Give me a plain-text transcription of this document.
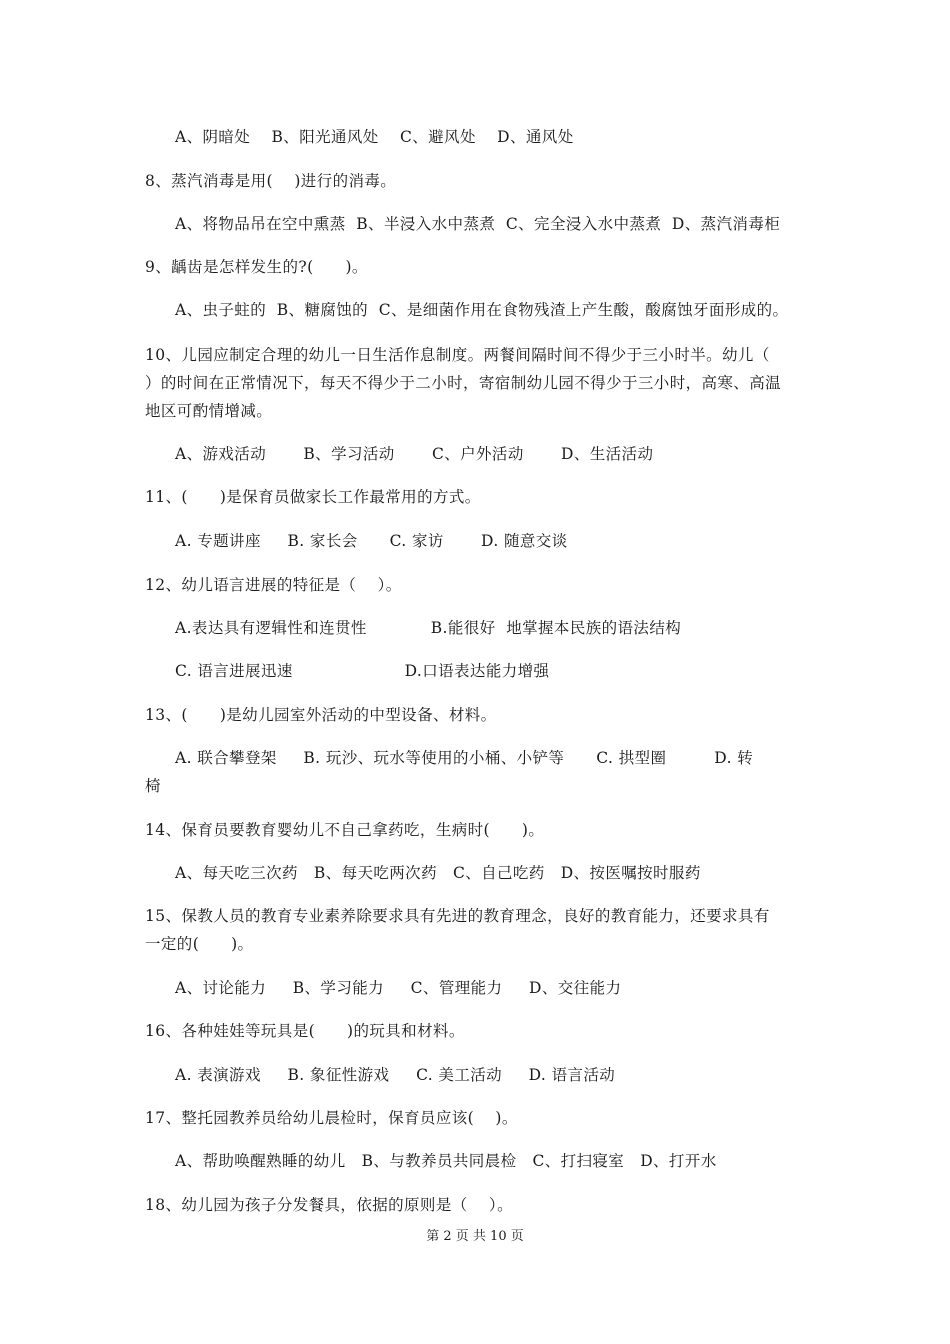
A、阴暗处    B、阳光通风处    C、避风处    D、通风处
8、蒸汽消毒是用(    )进行的消毒。
A、将物品吊在空中熏蒸  B、半浸入水中蒸煮  C、完全浸入水中蒸煮  D、蒸汽消毒柜
9、龋齿是怎样发生的?(      )。
A、虫子蛀的  B、糖腐蚀的  C、是细菌作用在食物残渣上产生酸，酸腐蚀牙面形成的。
10、儿园应制定合理的幼儿一日生活作息制度。两餐间隔时间不得少于三小时半。幼儿（
）的时间在正常情况下，每天不得少于二小时，寄宿制幼儿园不得少于三小时，高寒、高温
地区可酌情增减。
A、游戏活动       B、学习活动       C、户外活动       D、生活活动
11、(      )是保育员做家长工作最常用的方式。
A. 专题讲座     B. 家长会      C. 家访       D. 随意交谈
12、幼儿语言进展的特征是（    ）。
A.表达具有逻辑性和连贯性            B.能很好  地掌握本民族的语法结构
C. 语言进展迅速                     D.口语表达能力增强
13、(      )是幼儿园室外活动的中型设备、材料。
A. 联合攀登架     B. 玩沙、玩水等使用的小桶、小铲等      C. 拱型圈         D. 转
椅
14、保育员要教育婴幼儿不自己拿药吃，生病时(      )。
A、每天吃三次药   B、每天吃两次药   C、自己吃药   D、按医嘱按时服药
15、保教人员的教育专业素养除要求具有先进的教育理念，良好的教育能力，还要求具有
一定的(      )。
A、讨论能力     B、学习能力     C、管理能力     D、交往能力
16、各种娃娃等玩具是(      )的玩具和材料。
A. 表演游戏     B. 象征性游戏     C. 美工活动     D. 语言活动
17、整托园教养员给幼儿晨检时，保育员应该(    )。
A、帮助唤醒熟睡的幼儿   B、与教养员共同晨检   C、打扫寝室   D、打开水
18、幼儿园为孩子分发餐具，依据的原则是（    ）。
第 2 页 共 10 页
